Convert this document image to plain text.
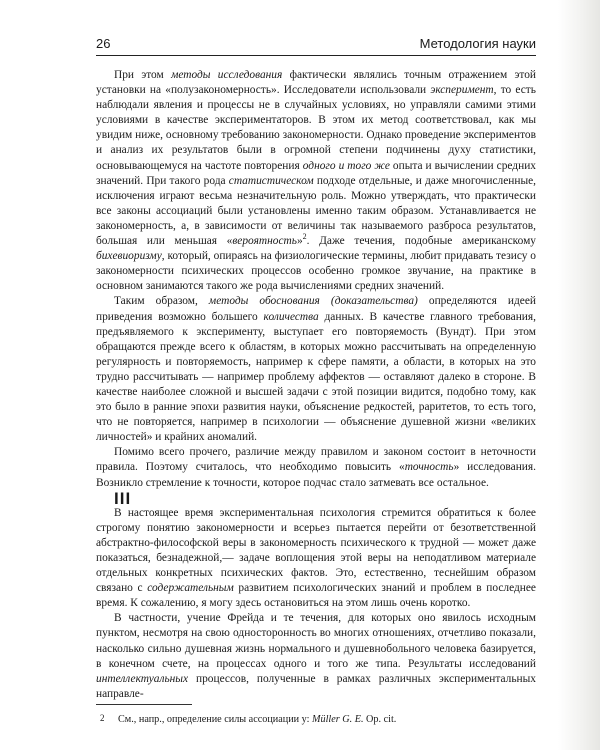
26	Методология науки

При этом методы исследования фактически являлись точным отражением этой установки на «полузакономерность». Исследователи использовали эксперимент, то есть наблюдали явления и процессы не в случайных условиях, но управляли самими этими условиями в качестве экспериментаторов. В этом их метод соответствовал, как мы увидим ниже, основному требованию закономерности. Однако проведение экспериментов и анализ их результатов были в огромной степени подчинены духу статистики, основывающемуся на частоте повторения одного и того же опыта и вычислении средних значений. При такого рода статистическом подходе отдельные, и даже многочисленные, исключения играют весьма незначительную роль. Можно утверждать, что практически все законы ассоциаций были установлены именно таким образом. Устанавливается не закономерность, а, в зависимости от величины так называемого разброса результатов, большая или меньшая «вероятность»$^2$. Даже течения, подобные американскому бихевиоризму, который, опираясь на физиологические термины, любит придавать тезису о закономерности психических процессов особенно громкое звучание, на практике в основном занимаются такого же рода вычислениями средних значений.

Таким образом, методы обоснования (доказательства) определяются идеей приведения возможно большего количества данных. В качестве главного требования, предъявляемого к эксперименту, выступает его повторяемость (Вундт). При этом обращаются прежде всего к областям, в которых можно рассчитывать на определенную регулярность и повторяемость, например к сфере памяти, а области, в которых на это трудно рассчитывать — например проблему аффектов — оставляют далеко в стороне. В качестве наиболее сложной и высшей задачи с этой позиции видится, подобно тому, как это было в ранние эпохи развития науки, объяснение редкостей, раритетов, то есть того, что не повторяется, например в психологии — объяснение душевной жизни «великих личностей» и крайних аномалий.

Помимо всего прочего, различие между правилом и законом состоит в неточности правила. Поэтому считалось, что необходимо повысить «точность» исследования. Возникло стремление к точности, которое подчас стало затмевать все остальное.

III

В настоящее время экспериментальная психология стремится обратиться к более строгому понятию закономерности и всерьез пытается перейти от безответственной абстрактно-философской веры в закономерность психического к трудной — может даже показаться, безнадежной,— задаче воплощения этой веры на неподатливом материале отдельных конкретных психических фактов. Это, естественно, теснейшим образом связано с содержательным развитием психологических знаний и проблем в последнее время. К сожалению, я могу здесь остановиться на этом лишь очень коротко.

В частности, учение Фрейда и те течения, для которых оно явилось исходным пунктом, несмотря на свою односторонность во многих отношениях, отчетливо показали, насколько сильно душевная жизнь нормального и душевнобольного человека базируется, в конечном счете, на процессах одного и того же типа. Результаты исследований интеллектуальных процессов, полученные в рамках различных экспериментальных направле-

2 См., напр., определение силы ассоциации у: Müller G. E. Op. cit.
